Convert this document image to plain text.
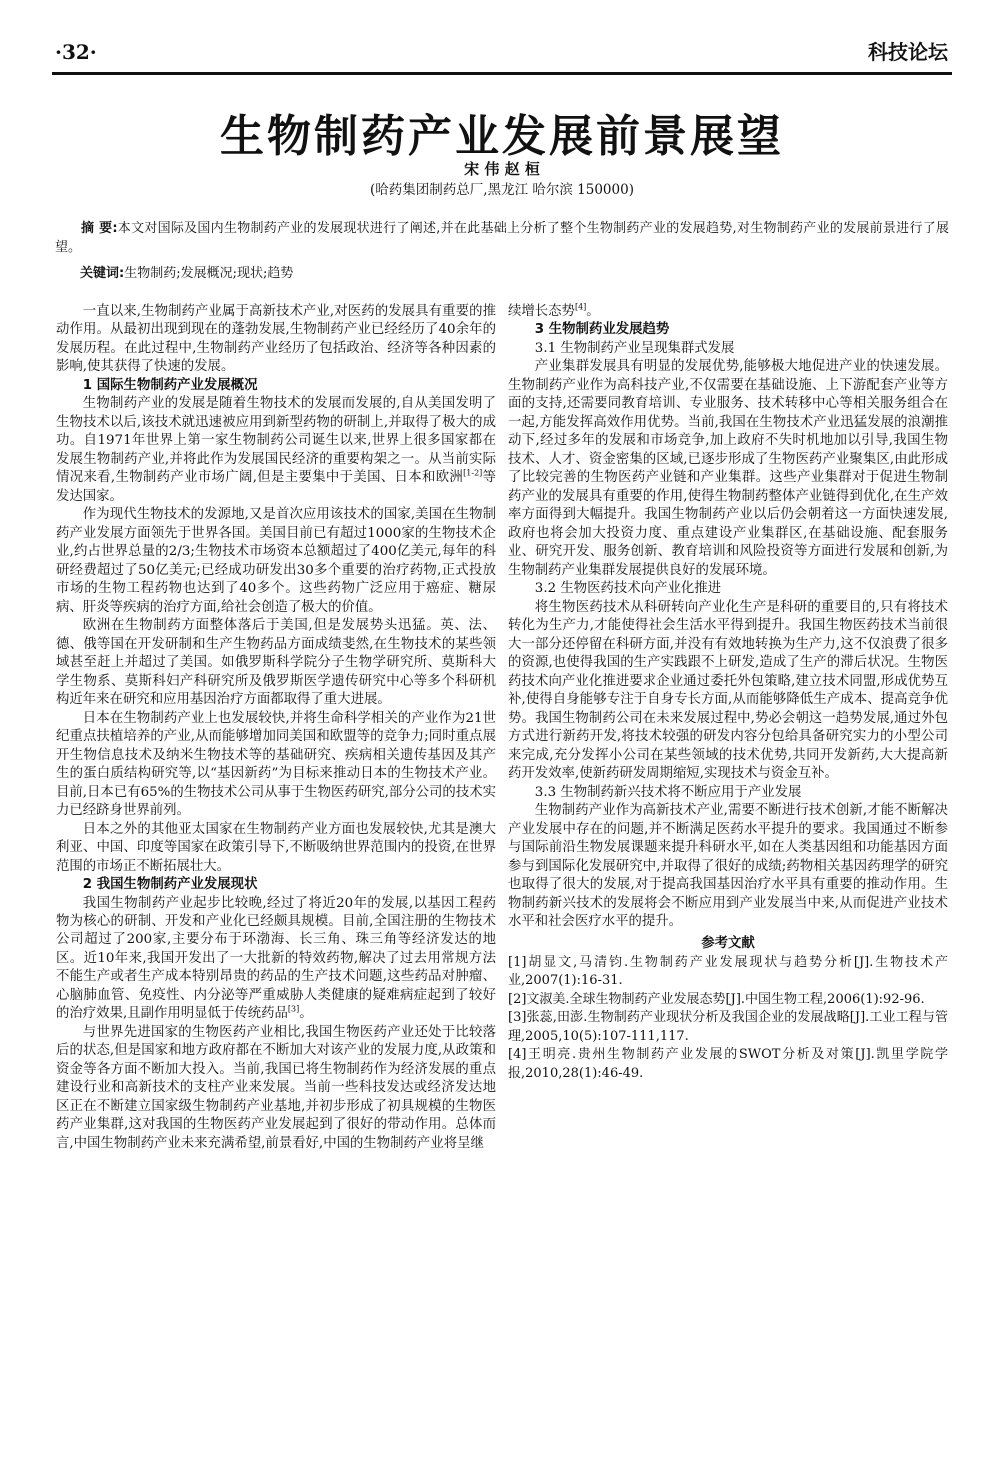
·32·	科技论坛
生物制药产业发展前景展望
宋 伟 赵 桓
(哈药集团制药总厂,黑龙江 哈尔滨 150000)
摘 要:本文对国际及国内生物制药产业的发展现状进行了阐述,并在此基础上分析了整个生物制药产业的发展趋势,对生物制药产业的发展前景进行了展望。
关键词:生物制药;发展概况;现状;趋势

一直以来,生物制药产业属于高新技术产业,对医药的发展具有重要的推动作用。从最初出现到现在的蓬勃发展,生物制药产业已经经历了40余年的发展历程。在此过程中,生物制药产业经历了包括政治、经济等各种因素的影响,使其获得了快速的发展。

1 国际生物制药产业发展概况

生物制药产业的发展是随着生物技术的发展而发展的,自从美国发明了生物技术以后,该技术就迅速被应用到新型药物的研制上,并取得了极大的成功。自1971年世界上第一家生物制药公司诞生以来,世界上很多国家都在发展生物制药产业,并将此作为发展国民经济的重要构架之一。从当前实际情况来看,生物制药产业市场广阔,但是主要集中于美国、日本和欧洲[1-2]等发达国家。

作为现代生物技术的发源地,又是首次应用该技术的国家,美国在生物制药产业发展方面领先于世界各国。美国目前已有超过1000家的生物技术企业,约占世界总量的2/3;生物技术市场资本总额超过了400亿美元,每年的科研经费超过了50亿美元;已经成功研发出30多个重要的治疗药物,正式投放市场的生物工程药物也达到了40多个。这些药物广泛应用于癌症、糖尿病、肝炎等疾病的治疗方面,给社会创造了极大的价值。

欧洲在生物制药方面整体落后于美国,但是发展势头迅猛。英、法、德、俄等国在开发研制和生产生物药品方面成绩斐然,在生物技术的某些领域甚至赶上并超过了美国。如俄罗斯科学院分子生物学研究所、莫斯科大学生物系、莫斯科妇产科研究所及俄罗斯医学遗传研究中心等多个科研机构近年来在研究和应用基因治疗方面都取得了重大进展。

日本在生物制药产业上也发展较快,并将生命科学相关的产业作为21世纪重点扶植培养的产业,从而能够增加同美国和欧盟等的竞争力;同时重点展开生物信息技术及纳米生物技术等的基础研究、疾病相关遗传基因及其产生的蛋白质结构研究等,以“基因新药”为目标来推动日本的生物技术产业。目前,日本已有65%的生物技术公司从事于生物医药研究,部分公司的技术实力已经跻身世界前列。

日本之外的其他亚太国家在生物制药产业方面也发展较快,尤其是澳大利亚、中国、印度等国家在政策引导下,不断吸纳世界范围内的投资,在世界范围的市场正不断拓展壮大。

2 我国生物制药产业发展现状

我国生物制药产业起步比较晚,经过了将近20年的发展,以基因工程药物为核心的研制、开发和产业化已经颇具规模。目前,全国注册的生物技术公司超过了200家,主要分布于环渤海、长三角、珠三角等经济发达的地区。近10年来,我国开发出了一大批新的特效药物,解决了过去用常规方法不能生产或者生产成本特别昂贵的药品的生产技术问题,这些药品对肿瘤、心脑肺血管、免疫性、内分泌等严重威胁人类健康的疑难病症起到了较好的治疗效果,且副作用明显低于传统药品[3]。

与世界先进国家的生物医药产业相比,我国生物医药产业还处于比较落后的状态,但是国家和地方政府都在不断加大对该产业的发展力度,从政策和资金等各方面不断加大投入。当前,我国已将生物制药作为经济发展的重点建设行业和高新技术的支柱产业来发展。当前一些科技发达或经济发达地区正在不断建立国家级生物制药产业基地,并初步形成了初具规模的生物医药产业集群,这对我国的生物医药产业发展起到了很好的带动作用。总体而言,中国生物制药产业未来充满希望,前景看好,中国的生物制药产业将呈继

续增长态势[4]。

3 生物制药业发展趋势
3.1 生物制药产业呈现集群式发展

产业集群发展具有明显的发展优势,能够极大地促进产业的快速发展。生物制药产业作为高科技产业,不仅需要在基础设施、上下游配套产业等方面的支持,还需要同教育培训、专业服务、技术转移中心等相关服务组合在一起,方能发挥高效作用优势。当前,我国在生物技术产业迅猛发展的浪潮推动下,经过多年的发展和市场竞争,加上政府不失时机地加以引导,我国生物技术、人才、资金密集的区域,已逐步形成了生物医药产业聚集区,由此形成了比较完善的生物医药产业链和产业集群。这些产业集群对于促进生物制药产业的发展具有重要的作用,使得生物制药整体产业链得到优化,在生产效率方面得到大幅提升。我国生物制药产业以后仍会朝着这一方面快速发展,政府也将会加大投资力度、重点建设产业集群区,在基础设施、配套服务业、研究开发、服务创新、教育培训和风险投资等方面进行发展和创新,为生物制药产业集群发展提供良好的发展环境。

3.2 生物医药技术向产业化推进

将生物医药技术从科研转向产业化生产是科研的重要目的,只有将技术转化为生产力,才能使得社会生活水平得到提升。我国生物医药技术当前很大一部分还停留在科研方面,并没有有效地转换为生产力,这不仅浪费了很多的资源,也使得我国的生产实践跟不上研发,造成了生产的滞后状况。生物医药技术向产业化推进要求企业通过委托外包策略,建立技术同盟,形成优势互补,使得自身能够专注于自身专长方面,从而能够降低生产成本、提高竞争优势。我国生物制药公司在未来发展过程中,势必会朝这一趋势发展,通过外包方式进行新药开发,将技术较强的研发内容分包给具备研究实力的小型公司来完成,充分发挥小公司在某些领域的技术优势,共同开发新药,大大提高新药开发效率,使新药研发周期缩短,实现技术与资金互补。

3.3 生物制药新兴技术将不断应用于产业发展

生物制药产业作为高新技术产业,需要不断进行技术创新,才能不断解决产业发展中存在的问题,并不断满足医药水平提升的要求。我国通过不断参与国际前沿生物发展课题来提升科研水平,如在人类基因组和功能基因方面参与到国际化发展研究中,并取得了很好的成绩;药物相关基因药理学的研究也取得了很大的发展,对于提高我国基因治疗水平具有重要的推动作用。生物制药新兴技术的发展将会不断应用到产业发展当中来,从而促进产业技术水平和社会医疗水平的提升。

参考文献

[1]胡显文,马清钧.生物制药产业发展现状与趋势分析[J].生物技术产业,2007(1):16-31.

[2]文淑美.全球生物制药产业发展态势[J].中国生物工程,2006(1):92-96.

[3]张蕊,田澎.生物制药产业现状分析及我国企业的发展战略[J].工业工程与管理,2005,10(5):107-111,117.

[4]王明亮.贵州生物制药产业发展的SWOT分析及对策[J].凯里学院学报,2010,28(1):46-49.
